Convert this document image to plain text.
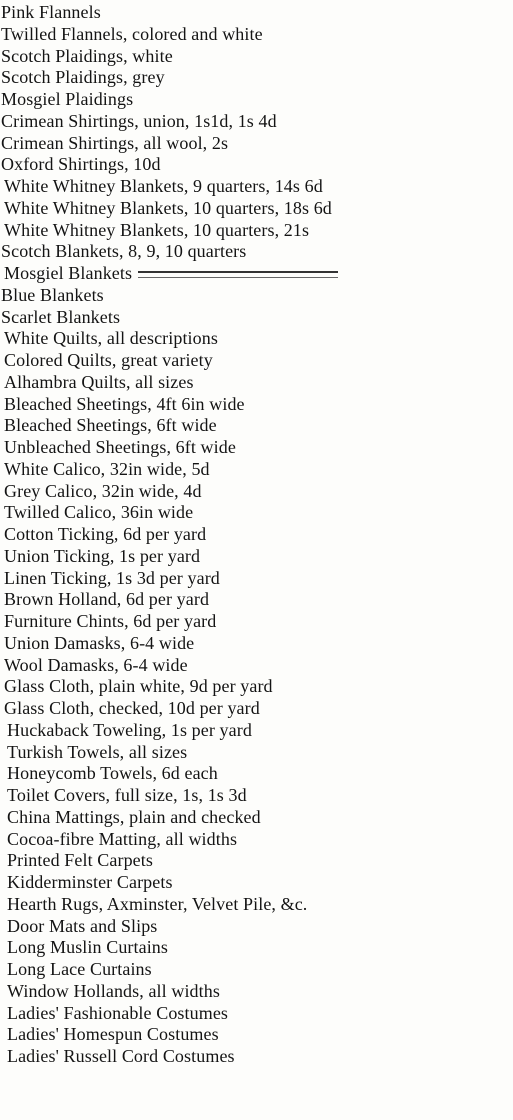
Pink Flannels
Twilled Flannels, colored and white
Scotch Plaidings, white
Scotch Plaidings, grey
Mosgiel Plaidings
Crimean Shirtings, union, 1s1d, 1s 4d
Crimean Shirtings, all wool, 2s
Oxford Shirtings, 10d
White Whitney Blankets, 9 quarters, 14s 6d
White Whitney Blankets, 10 quarters, 18s 6d
White Whitney Blankets, 10 quarters, 21s
Scotch Blankets, 8, 9, 10 quarters
Mosgiel Blankets
Blue Blankets
Scarlet Blankets
White Quilts, all descriptions
Colored Quilts, great variety
Alhambra Quilts, all sizes
Bleached Sheetings, 4ft 6in wide
Bleached Sheetings, 6ft wide
Unbleached Sheetings, 6ft wide
White Calico, 32in wide, 5d
Grey Calico, 32in wide, 4d
Twilled Calico, 36in wide
Cotton Ticking, 6d per yard
Union Ticking, 1s per yard
Linen Ticking, 1s 3d per yard
Brown Holland, 6d per yard
Furniture Chints, 6d per yard
Union Damasks, 6-4 wide
Wool Damasks, 6-4 wide
Glass Cloth, plain white, 9d per yard
Glass Cloth, checked, 10d per yard
Huckaback Toweling, 1s per yard
Turkish Towels, all sizes
Honeycomb Towels, 6d each
Toilet Covers, full size, 1s, 1s 3d
China Mattings, plain and checked
Cocoa-fibre Matting, all widths
Printed Felt Carpets
Kidderminster Carpets
Hearth Rugs, Axminster, Velvet Pile, &c.
Door Mats and Slips
Long Muslin Curtains
Long Lace Curtains
Window Hollands, all widths
Ladies' Fashionable Costumes
Ladies' Homespun Costumes
Ladies' Russell Cord Costumes
